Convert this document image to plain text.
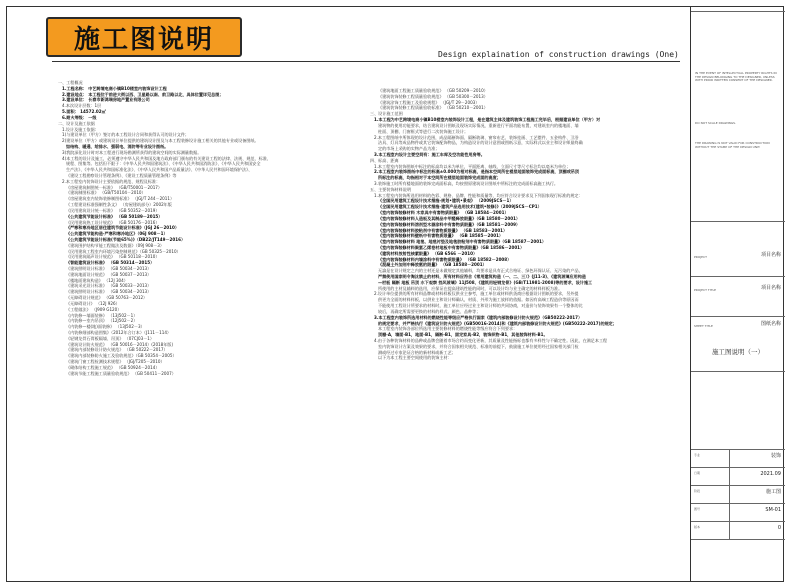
施工图说明	Design explaination of construction drawings (One)
一、工程概况
1.工程名称： 中艺跨境电商小镇B10楼室内装饰设计工程
2.建设地点： 本工程位于前进大街以西、卫星路以南、前卫路以北，具体位置详见总图；
3.建设单位： 长春市新鸿瑞房地产置业有限公司
4.本次设计层数：1层
5.面积： 14572.02㎡
6.耐火等级： 一级
二、设计及施工依据
1.设计及施工依据:
1)与建设单位（甲方）签订的本工程设计合同和获得认可的设计文件；
2)建设单位（甲方）或建筑设计单位提供的建筑设计图及与本工程装修设计施工相关的其他专业或设备图纸。
如结构、暖通、给排水、强弱电、消防等专业设计图纸。
3)我院深化设计时对本工程进行现场勘测所获得的建筑空间的实际测量数据。
4)本工程的设计及施工，必须遵守中华人民共和国及地方政府部门颁布的有关建设工程的法律、法规、规范、标准、
规程、图集等。包括但不限于：《中华人民共和国建筑法》、《中华人民共和国消防法》、《中华人民共和国安全
生产法》、《中华人民共和国标准化法》、《中华人民共和国产品质量法》、《中华人民共和国环境保护法》、
《建设工程勘察设计管理条例》、《建设工程质量管理条例》等
2.本工程室内装饰设计主要依据的规范、规程及标准：
《房屋建筑制图统一标准》 （GB/T50001－2017）
《建筑制图标准》 （GB/T50104－2010）
《房屋建筑室内装饰装修制图标准》 （JGJ/T 244－2011）
《工程建设标准强制性条文》 （房屋建筑部分）2002年版
《民用建筑设计统一标准》 （GB 50352－2019）
《公共建筑节能设计标准》 （GB 50189－2015）
《民用建筑热工设计规范》 （GB 50176－2016）
《严寒和寒冷地区居住建筑节能设计标准》（JGJ 26－2010）
《公共建筑节能构造-严寒和寒冷地区》（06J 908－1）
《公共建筑节能设计标准(节能65%)》（DB22/JT149－2016）
《建筑围护结构节能工程做法及数据》（09J 908－3）
《民用建筑工程室内环境污染控制规范》（GB 50325－2010）
《民用建筑隔声设计规范》 （GB 50118－2010）
《智能建筑设计标准》 （GB 50314－2015）
《建筑照明设计标准》 （GB 50034－2013）
《建筑地面设计规范》 （GB 50037－2013）
《楼地面建筑构造》 （12J 304）
《建筑采光设计标准》 （GB 50033－2013）
《建筑照明设计标准》 （GB 50034－2013）
《无障碍设计规范》 （GB 50763－2012）
《无障碍设计》 （12J 926）
《工程做法》 （J909 G120）
《内装修—墙面装修》 （13J502－1）
《内装修—室内吊顶》 （12J502－2）
《内装修—楼(地)面装修》 （13J502－3）
《内装修细部构造图集》（2012年合订本）（J111－114）
《轻钢龙骨石膏板隔墙、吊顶》 （07CJ03－1）
《建筑设计防火规范》 （GB 50016－2014）(2018年版)
《建筑内部装修设计防火规范》 （GB 50222－2017）
《建筑内部装修防火施工及验收规范》（GB 50354－2005）
《建筑门窗工程检测技术规程》 （JGJ/T205－2010）
《砌体结构工程施工规范》 （GB 50924－2014）
《建筑节能工程施工质量验收规范》 （GB 50411－2007）
《建筑地面工程施工质量验收规范》 （GB 50209－2010）
《建筑装饰装修工程质量验收规范》 （GB 50300－2013）
《建筑涂饰工程施工及验收规程》 （JGJ/T 29－2003）
《建筑装饰装修工程质量验收标准》 （GB 50210－2001）
三、设计施工范围
1.本工程为中艺跨境电商小镇B10楼室内装饰设计工程，是在建筑主体及建筑装饰工程施工完毕后，根据建设单位（甲方）对
建筑物的使用功能要求，结合建筑设计图纸及现场实际情况，重新进行平面功能布置，对建筑室内的楼地面、墙
柱面、顶棚、门窗框式等进行二次装饰施工设计；
2.本工程图纸中所体现的设计范围，成品隔断饰面、隔断玻璃、窗帘布艺、装饰挂画、工艺摆件、五金构件、卫浴
洁具、灯具等成品物件或其它装饰配饰物品，为构造设计的设计意图或图纸示意，实际样式以业主和设计师最终确
定的市场上采购的实物产品为准；
3.本工程室内设计主要空间有：施工车库及空功能性用房等。
四、标高、距离
1.本工程室内装饰图纸中标注的标高均以米为单位，平面距离、轴线、立面尺寸等尺寸标注均以毫米为单位；
2.本工程室内装饰图纸中标注的标高±0.000为相对标高，是指本空间所在楼层地面装饰完成面标高，顶棚或吊顶
所标注的标高，均指相对于本空间所在楼层地面装饰完成面的高度；
3.装饰施工时所有楼地面的装饰完成面标高，均按照原建筑设计图纸中所标注的完成面标高施工执行。
五、主要装饰材料说明
1.本工程室内装饰所选用材料的色彩、规格、品牌、性能和质量等，均应符合设计要求及下列国家现行标准的规定：
《全国民用建筑工程设计技术措施-规划•建筑•景观》 （2009JSCS－1）
《全国民用建筑工程设计技术措施-建筑产品选用技术(建筑•装修)》（2009JSCS－CP1）
《室内装饰装修材料 木家具中有害物质限量》 （GB 18584－2001）
《室内装饰装修材料人造板及其制品中甲醛释放限量》（GB 18580－2001）
《室内装饰装修材料溶剂型木器涂料中有害物质限量》（GB 18581－2009）
《室内装饰装修材料胶粘剂中有害物质限量》 （GB 18583－2001）
《室内装饰装修材料壁纸中有害物质限量》 （GB 18585－2001）
《室内装饰装修材料 地毯、地毯衬垫及地毯胶粘剂中有害物质限量》（GB 18587－2001）
《室内装饰装修材料聚氯乙烯卷材地板中有害物质限量》（GB 18586－2001）
《建筑材料放射性核素限量》 （GB 6566 －2010）
《室内装饰装修材料内墙涂料中有害物质限量》 （GB 18582－2008）
《混凝土外加剂中释放氨的限量》 （GB 18588－2001）
无論是在设计规定之内的主材还是未做规定其他辅料，均要求是具有正式合格证、绿色环保认证、无污染的产品，
严禁使用国家明令淘汰禁止的材料，所有材料应符合《常用建筑构造（一、二、三）》(J11-3)、《建筑玻璃应用构造
—栏板 隔断 地板 吊顶 水下观察 挡风玻璃》11J508、《建筑用轻钢龙骨》(GB/T11981-2008)等的要求，设计施工
所使用的主材及辅料的选用，应保证在提高建筑性能的同时，可以设计均与业主确定的材料样板为准。
2.设计单位提供的所有材料品牌或材料样板仅供业主参考，施工单位或材料供货商应根据设计图纸的要求，另外提
供更为全面的材料样板，以供业主和设计师确认，材质、外形为施工放样的依据。如因有高端工程造价等原因而
不能使用工程设计所要求的材料时，施工单位应经过业主和设计师的共同协商，对造价与装饰效果有一个整体的比
较后，再确定所需要更换的材料的样式、颜色、品种等；
3.本工程室内装饰所选用材料的燃烧性能等级应严格执行国家《建筑内部装修设计防火规范》（GB50222-2017）
的规定要求，并严格执行《建筑设计防火规范》(GB50016-2014)和《建筑内部装修设计防火规范》(GB50222-2017)的规定；
本工程室内装饰各部位所选用主要装修材料的燃烧性能等级应符合下列要求：
顶棚-A，墙面-B1，地面-B1，隔断-B1，固定家具-B2，装饰织物-B1，其他装饰材料-B1。
4.由于各种装饰材料的品种或品牌会随着市场合约而变化更新，其质量及性能指标也都有多样性与不确定性。因此，在满足本工程
室内装饰设计方案及效果的要求，并符合国家相关规范、标准的前提下，鼓励施工单位使用经过国家相关部门检
测或经过专家论证合格的新材料或新工艺；
以下为本工程主要空间使用的装饰主材：
IN THE EVENT OF INTELLECTUAL PROPERTY RIGHTS IN THE DESIGN BELONGING TO THE DESIGNER, UNLESS WITH PRIOR WRITTEN CONSENT OF THE DESIGNER.
DO NOT SCALE DRAWINGS.
THE DRAWING IS NOT VALID FOR CONSTRUCTION WITHOUT THE STAMP OF THE DESIGN UNIT.
PROJECT	项目名称
PROJECT TITLE	项目名称
SHEET TITLE	图纸名称
施工图说明（一）
专业	装饰
日期	2021.09
阶段	施工图
图号	SM-01
版本	0
